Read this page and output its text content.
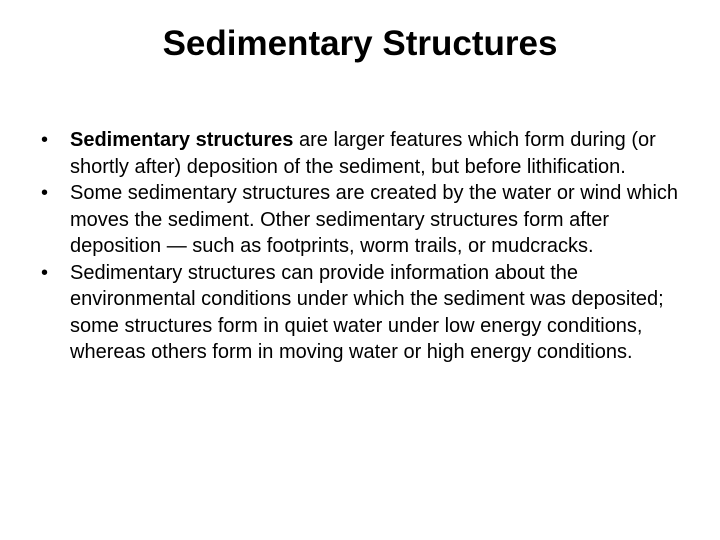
Sedimentary Structures
• Sedimentary structures are larger features which form during (or shortly after) deposition of the sediment, but before lithification.
• Some sedimentary structures are created by the water or wind which moves the sediment. Other sedimentary structures form after deposition — such as footprints, worm trails, or mudcracks.
• Sedimentary structures can provide information about the environmental conditions under which the sediment was deposited; some structures form in quiet water under low energy conditions, whereas others form in moving water or high energy conditions.
